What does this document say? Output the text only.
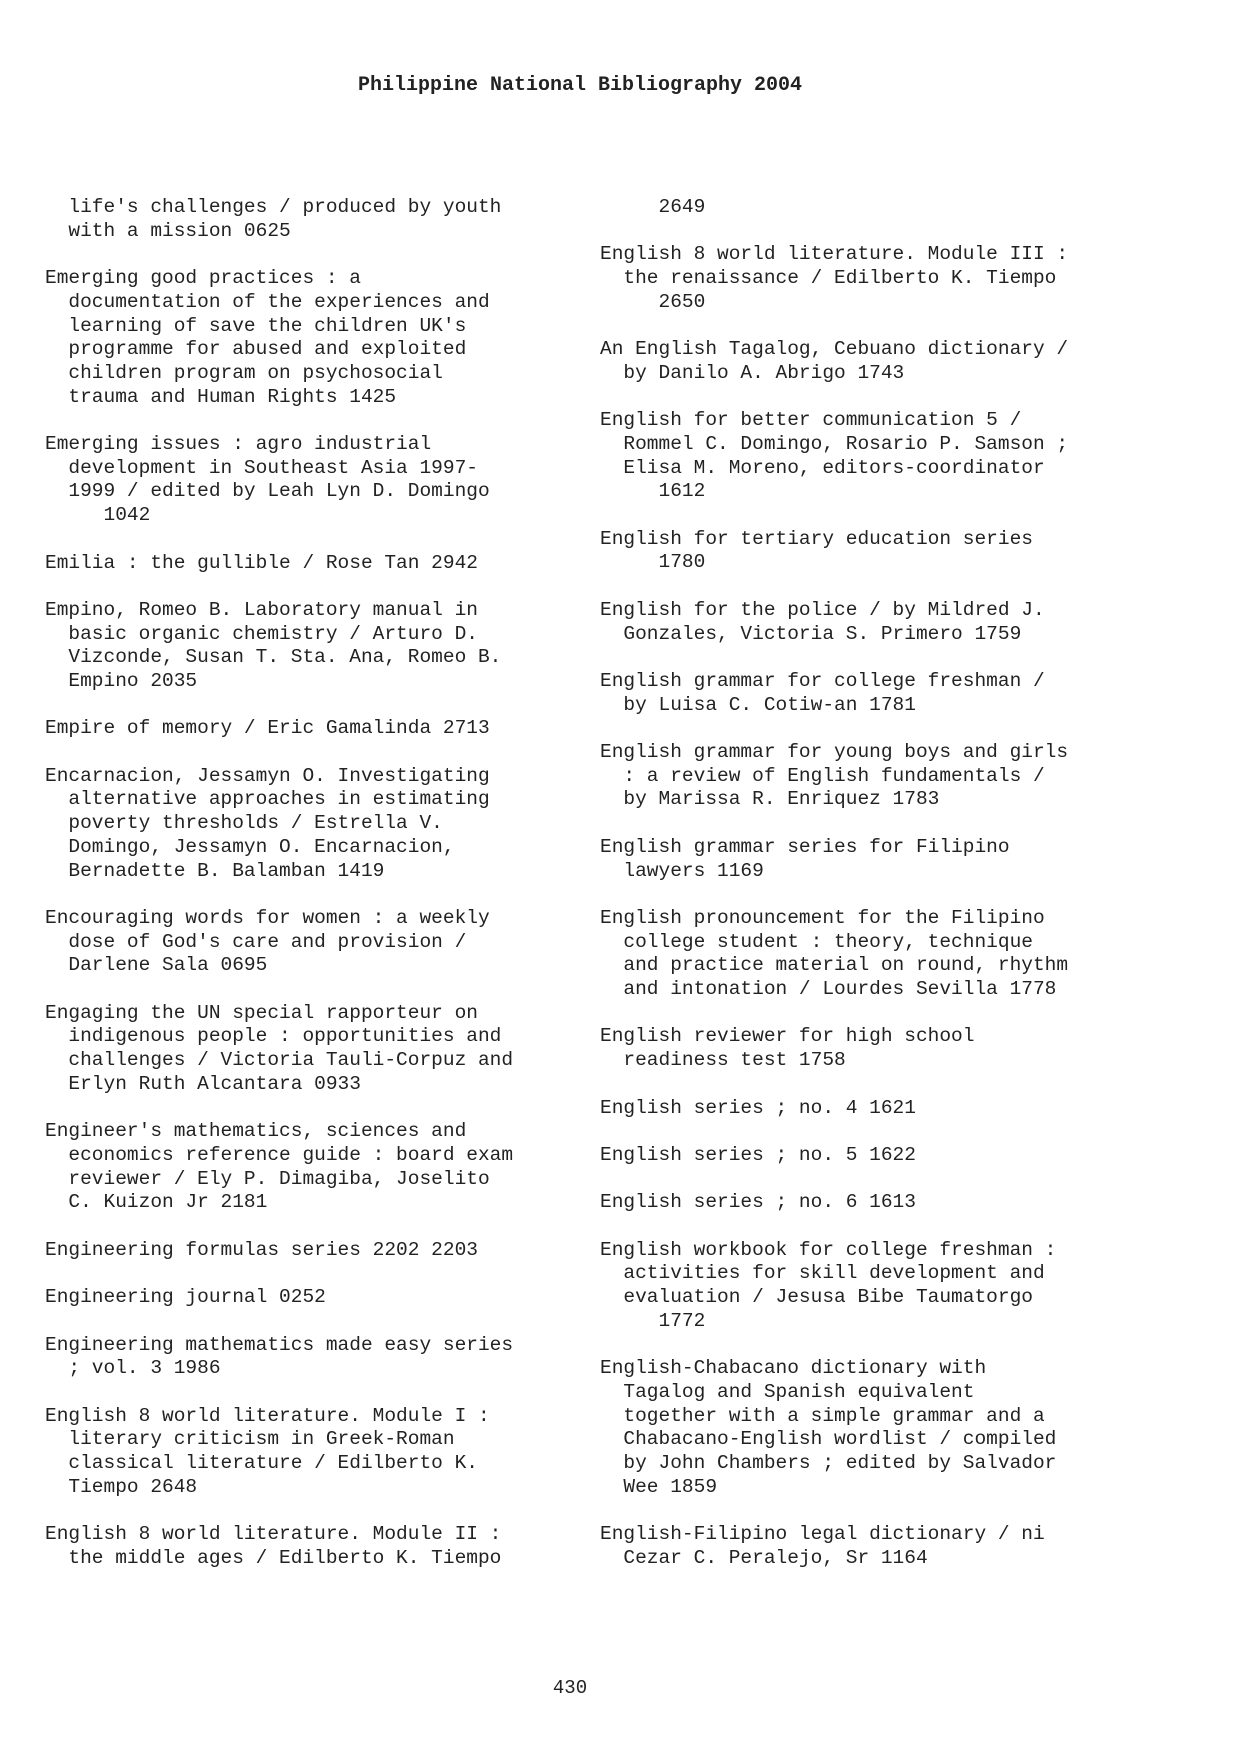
Philippine National Bibliography 2004
life's challenges / produced by youth
with a mission 0625
Emerging good practices : a
documentation of the experiences and
learning of save the children UK's
programme for abused and exploited
children program on psychosocial
trauma and Human Rights 1425
Emerging issues : agro industrial
development in Southeast Asia 1997-
1999 / edited by Leah Lyn D. Domingo
1042
Emilia : the gullible / Rose Tan 2942
Empino, Romeo B. Laboratory manual in
basic organic chemistry / Arturo D.
Vizconde, Susan T. Sta. Ana, Romeo B.
Empino 2035
Empire of memory / Eric Gamalinda 2713
Encarnacion, Jessamyn O. Investigating
alternative approaches in estimating
poverty thresholds / Estrella V.
Domingo, Jessamyn O. Encarnacion,
Bernadette B. Balamban 1419
Encouraging words for women : a weekly
dose of God's care and provision /
Darlene Sala 0695
Engaging the UN special rapporteur on
indigenous people : opportunities and
challenges / Victoria Tauli-Corpuz and
Erlyn Ruth Alcantara 0933
Engineer's mathematics, sciences and
economics reference guide : board exam
reviewer / Ely P. Dimagiba, Joselito
C. Kuizon Jr 2181
Engineering formulas series 2202 2203
Engineering journal 0252
Engineering mathematics made easy series
; vol. 3 1986
English 8 world literature. Module I :
literary criticism in Greek-Roman
classical literature / Edilberto K.
Tiempo 2648
English 8 world literature. Module II :
the middle ages / Edilberto K. Tiempo
2649
English 8 world literature. Module III :
the renaissance / Edilberto K. Tiempo
2650
An English Tagalog, Cebuano dictionary /
by Danilo A. Abrigo 1743
English for better communication 5 /
Rommel C. Domingo, Rosario P. Samson ;
Elisa M. Moreno, editors-coordinator
1612
English for tertiary education series
1780
English for the police / by Mildred J.
Gonzales, Victoria S. Primero 1759
English grammar for college freshman /
by Luisa C. Cotiw-an 1781
English grammar for young boys and girls
: a review of English fundamentals /
by Marissa R. Enriquez 1783
English grammar series for Filipino
lawyers 1169
English pronouncement for the Filipino
college student : theory, technique
and practice material on round, rhythm
and intonation / Lourdes Sevilla 1778
English reviewer for high school
readiness test 1758
English series ; no. 4 1621
English series ; no. 5 1622
English series ; no. 6 1613
English workbook for college freshman :
activities for skill development and
evaluation / Jesusa Bibe Taumatorgo
1772
English-Chabacano dictionary with
Tagalog and Spanish equivalent
together with a simple grammar and a
Chabacano-English wordlist / compiled
by John Chambers ; edited by Salvador
Wee 1859
English-Filipino legal dictionary / ni
Cezar C. Peralejo, Sr 1164
430
